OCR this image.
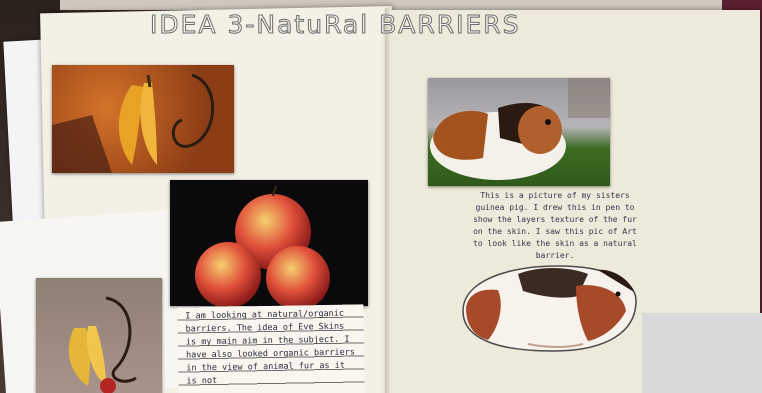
IDEA 3-NatuRal BARRIERS
This is a picture of my sisters guinea pig. I drew this in pen to show the layers texture of the fur on the skin. I saw this pic of Art to look like the skin as a natural barrier.
I am looking at natural/organic barriers. The idea of Eve Skins is my main aim in the subject. I have also looked organic barriers in the view of animal fur as it is not
